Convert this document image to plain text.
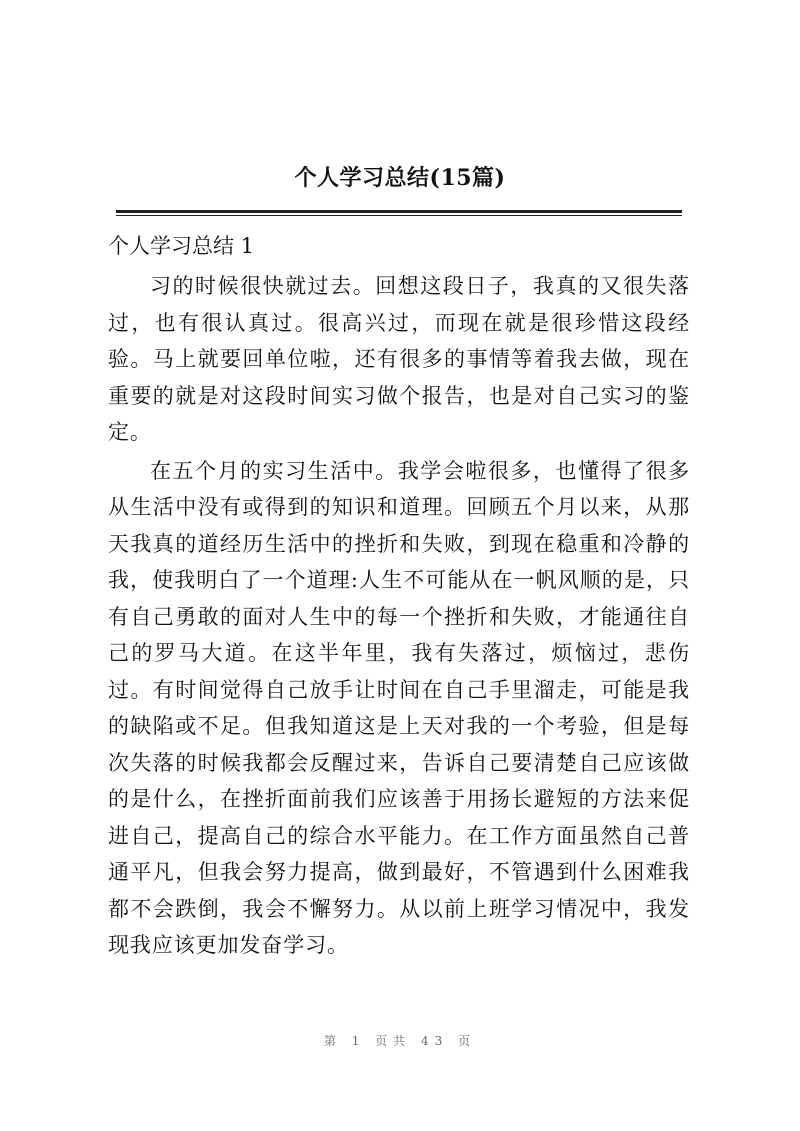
个人学习总结(15篇)
个人学习总结 1

习的时候很快就过去。回想这段日子，我真的又很失落过，也有很认真过。很高兴过，而现在就是很珍惜这段经验。马上就要回单位啦，还有很多的事情等着我去做，现在重要的就是对这段时间实习做个报告，也是对自己实习的鉴定。

在五个月的实习生活中。我学会啦很多，也懂得了很多从生活中没有或得到的知识和道理。回顾五个月以来，从那天我真的道经历生活中的挫折和失败，到现在稳重和冷静的我，使我明白了一个道理:人生不可能从在一帆风顺的是，只有自己勇敢的面对人生中的每一个挫折和失败，才能通往自己的罗马大道。在这半年里，我有失落过，烦恼过，悲伤过。有时间觉得自己放手让时间在自己手里溜走，可能是我的缺陷或不足。但我知道这是上天对我的一个考验，但是每次失落的时候我都会反醒过来，告诉自己要清楚自己应该做的是什么，在挫折面前我们应该善于用扬长避短的方法来促进自己，提高自己的综合水平能力。在工作方面虽然自己普通平凡，但我会努力提高，做到最好，不管遇到什么困难我都不会跌倒，我会不懈努力。从以前上班学习情况中，我发现我应该更加发奋学习。

第 1 页共 43 页
